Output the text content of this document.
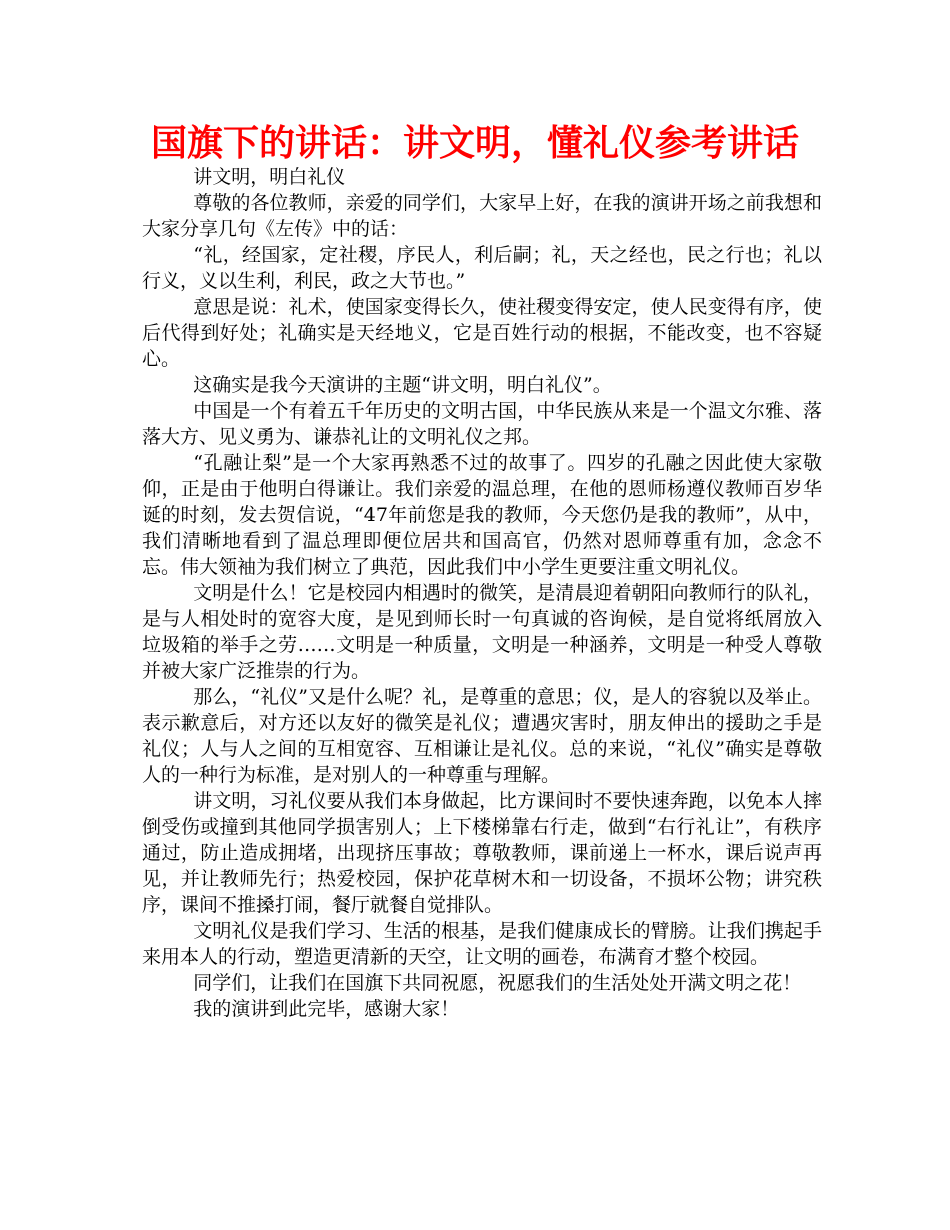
国旗下的讲话：讲文明，懂礼仪参考讲话

讲文明，明白礼仪

尊敬的各位教师，亲爱的同学们，大家早上好，在我的演讲开场之前我想和大家分享几句《左传》中的话：

“礼，经国家，定社稷，序民人，利后嗣；礼，天之经也，民之行也；礼以行义，义以生利，利民，政之大节也。”

意思是说：礼术，使国家变得长久，使社稷变得安定，使人民变得有序，使后代得到好处；礼确实是天经地义，它是百姓行动的根据，不能改变，也不容疑心。

这确实是我今天演讲的主题“讲文明，明白礼仪”。

中国是一个有着五千年历史的文明古国，中华民族从来是一个温文尔雅、落落大方、见义勇为、谦恭礼让的文明礼仪之邦。

“孔融让梨”是一个大家再熟悉不过的故事了。四岁的孔融之因此使大家敬仰，正是由于他明白得谦让。我们亲爱的温总理，在他的恩师杨遵仪教师百岁华诞的时刻，发去贺信说，“47年前您是我的教师，今天您仍是我的教师”，从中，我们清晰地看到了温总理即便位居共和国高官，仍然对恩师尊重有加，念念不忘。伟大领袖为我们树立了典范，因此我们中小学生更要注重文明礼仪。

文明是什么！它是校园内相遇时的微笑，是清晨迎着朝阳向教师行的队礼，是与人相处时的宽容大度，是见到师长时一句真诚的咨询候，是自觉将纸屑放入垃圾箱的举手之劳……文明是一种质量，文明是一种涵养，文明是一种受人尊敬并被大家广泛推崇的行为。

那么，“礼仪”又是什么呢？礼，是尊重的意思；仪，是人的容貌以及举止。表示歉意后，对方还以友好的微笑是礼仪；遭遇灾害时，朋友伸出的援助之手是礼仪；人与人之间的互相宽容、互相谦让是礼仪。总的来说，“礼仪”确实是尊敬人的一种行为标准，是对别人的一种尊重与理解。

讲文明，习礼仪要从我们本身做起，比方课间时不要快速奔跑，以免本人摔倒受伤或撞到其他同学损害别人；上下楼梯靠右行走，做到“右行礼让”，有秩序通过，防止造成拥堵，出现挤压事故；尊敬教师，课前递上一杯水，课后说声再见，并让教师先行；热爱校园，保护花草树木和一切设备，不损坏公物；讲究秩序，课间不推搡打闹，餐厅就餐自觉排队。

文明礼仪是我们学习、生活的根基，是我们健康成长的臂膀。让我们携起手来用本人的行动，塑造更清新的天空，让文明的画卷，布满育才整个校园。

同学们，让我们在国旗下共同祝愿，祝愿我们的生活处处开满文明之花！

我的演讲到此完毕，感谢大家！
